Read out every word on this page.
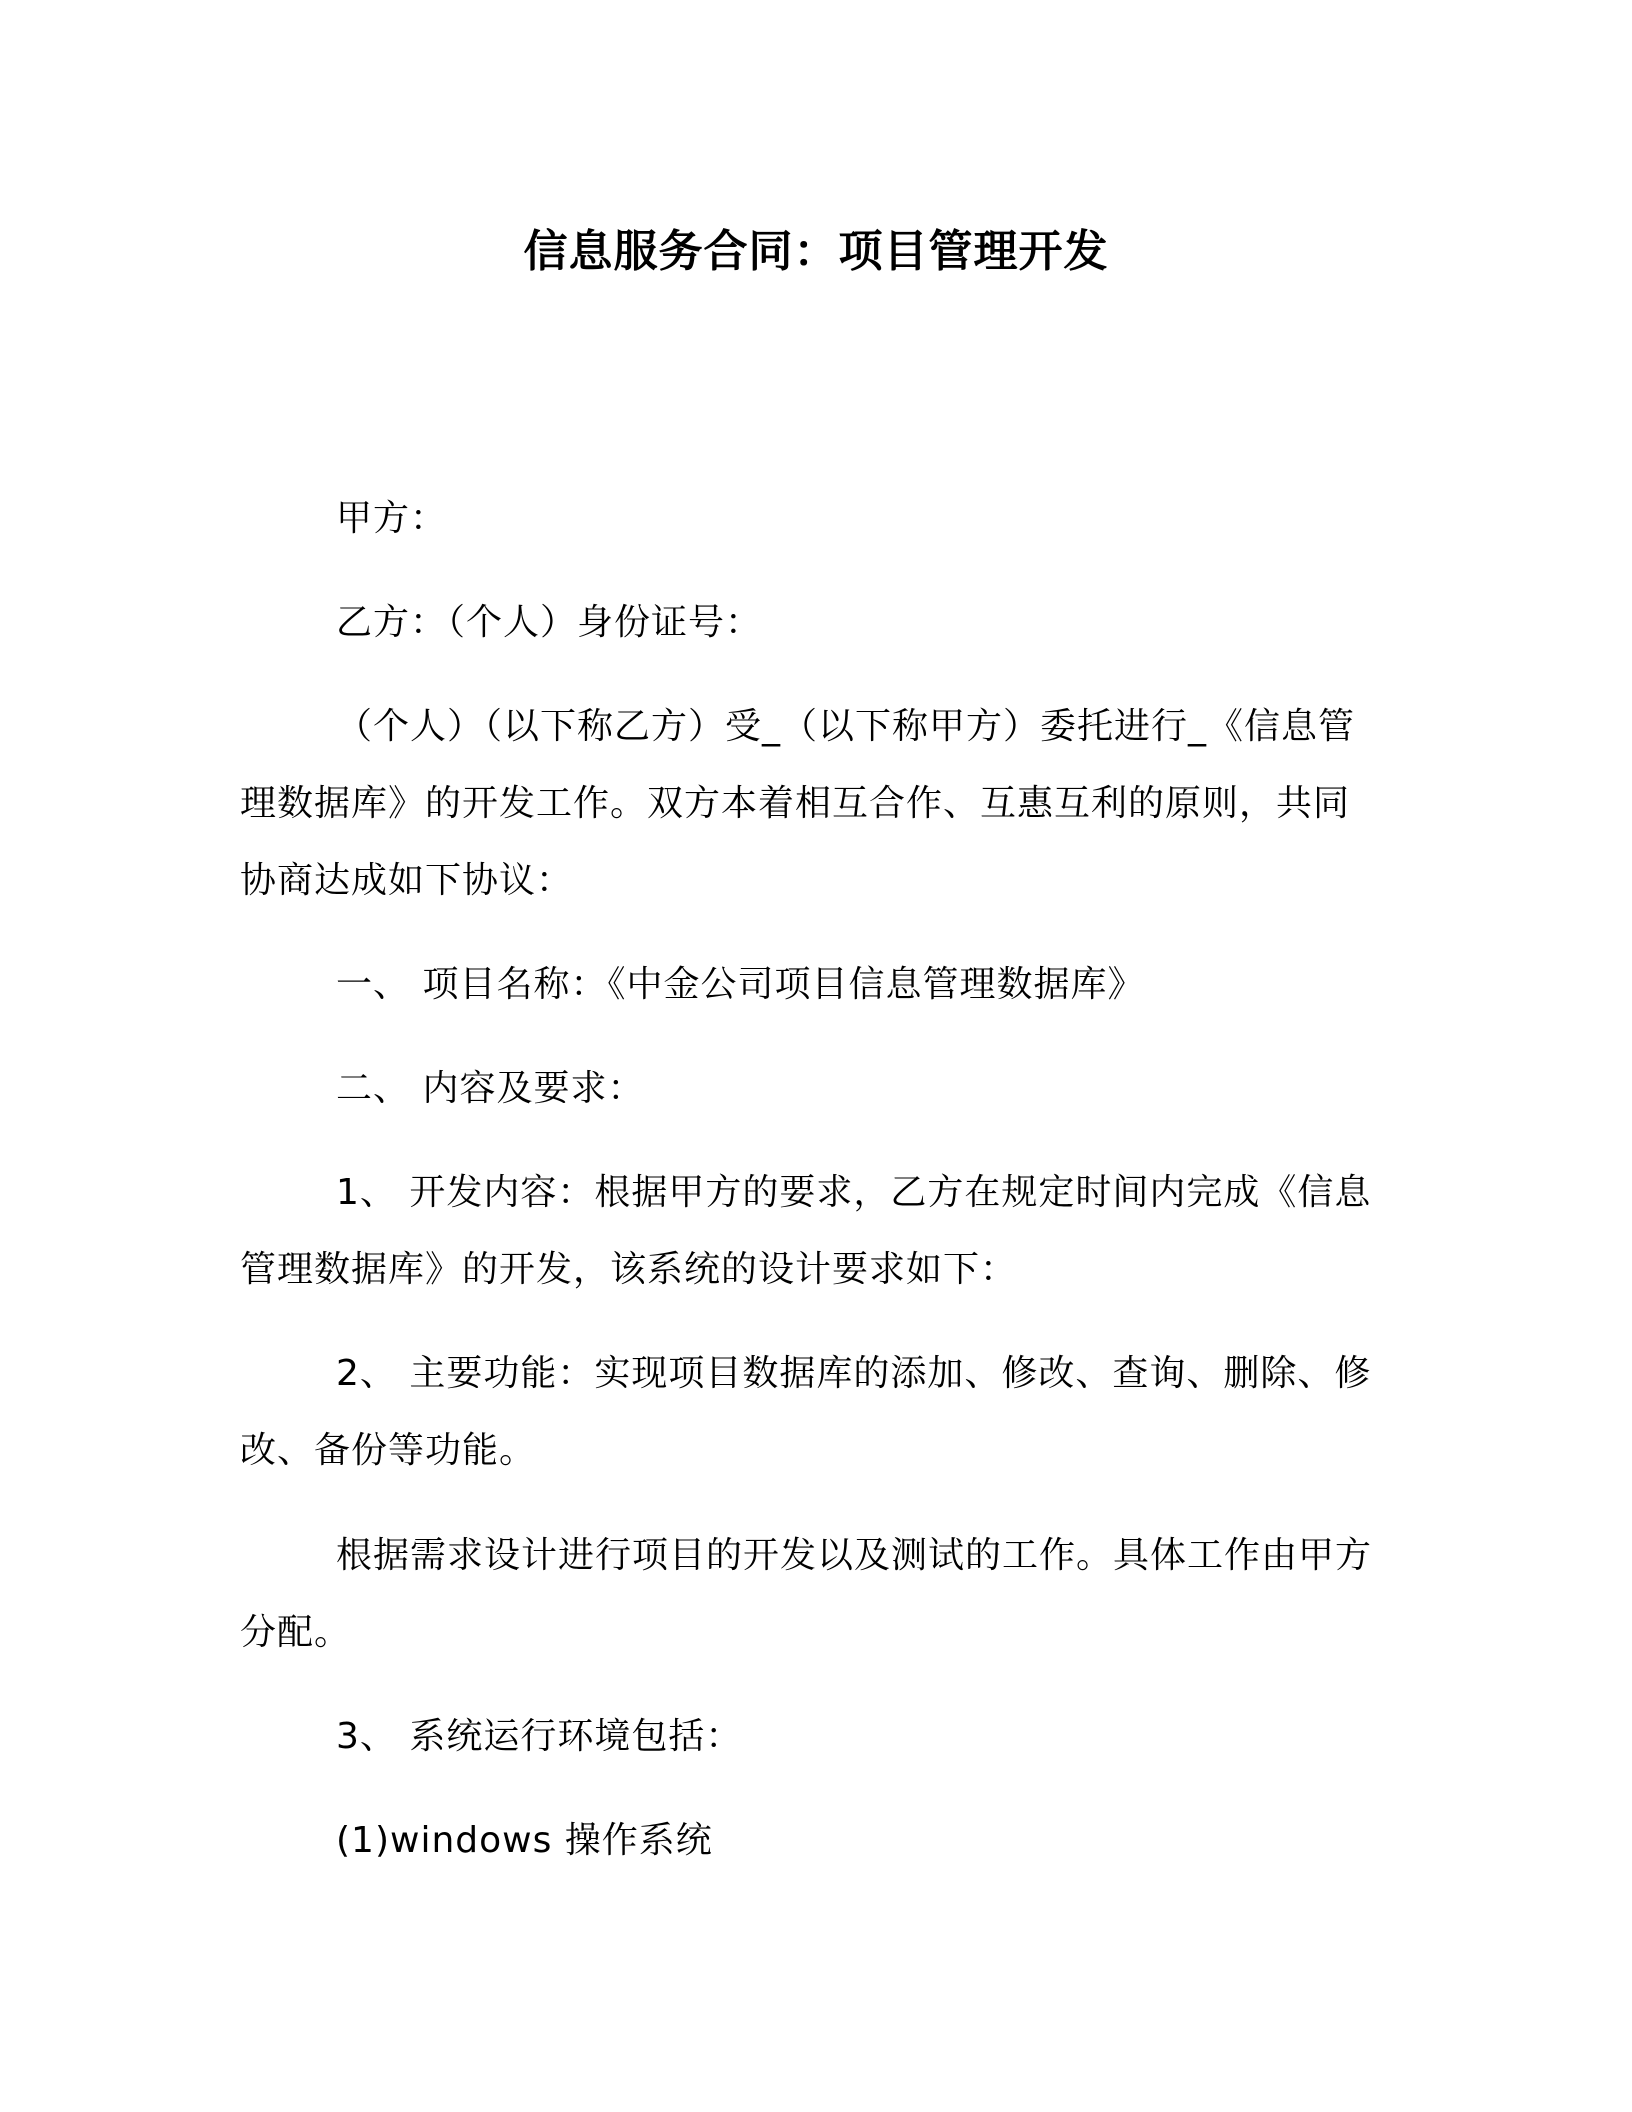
信息服务合同：项目管理开发

甲方：

乙方：（个人）身份证号：

（个人）（以下称乙方）受_（以下称甲方）委托进行_《信息管理数据库》的开发工作。双方本着相互合作、互惠互利的原则，共同协商达成如下协议：

一、 项目名称：《中金公司项目信息管理数据库》

二、 内容及要求：

1、 开发内容：根据甲方的要求，乙方在规定时间内完成《信息管理数据库》的开发，该系统的设计要求如下：

2、 主要功能：实现项目数据库的添加、修改、查询、删除、修改、备份等功能。

根据需求设计进行项目的开发以及测试的工作。具体工作由甲方分配。

3、 系统运行环境包括：

(1)windows 操作系统
